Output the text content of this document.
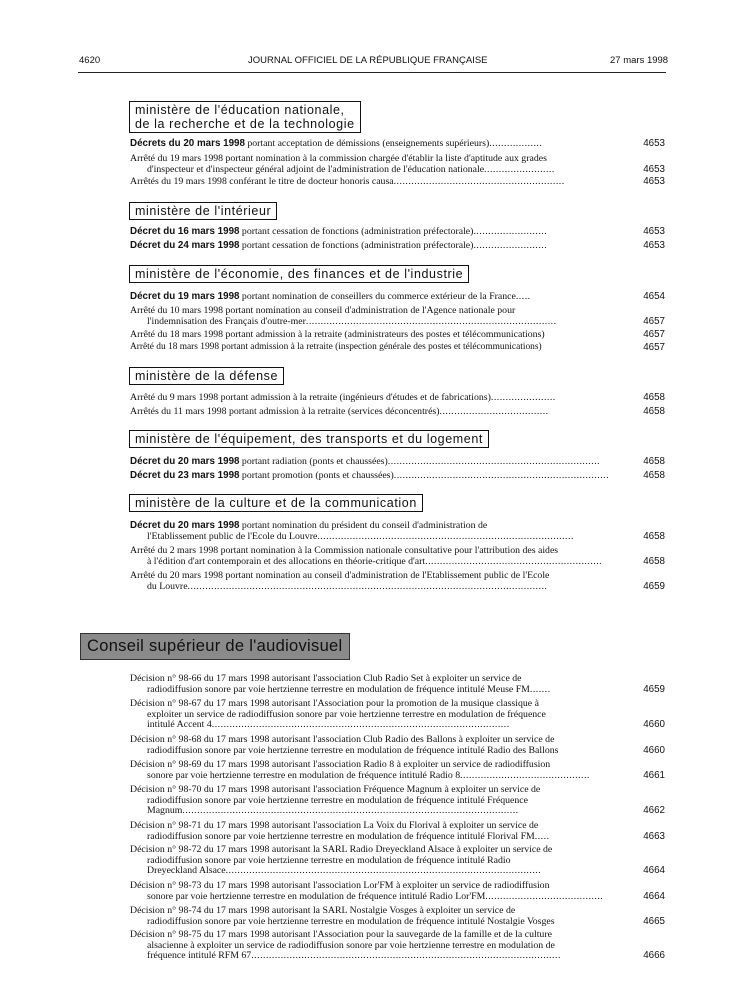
4620	JOURNAL OFFICIEL DE LA RÉPUBLIQUE FRANÇAISE	27 mars 1998
ministère de l'éducation nationale,
de la recherche et de la technologie
Décrets du 20 mars 1998 portant acceptation de démissions (enseignements supérieurs)..................	4653
Arrêté du 19 mars 1998 portant nomination à la commission chargée d'établir la liste d'aptitude aux grades
d'inspecteur et d'inspecteur général adjoint de l'administration de l'éducation nationale........................	4653
Arrêtés du 19 mars 1998 conférant le titre de docteur honoris causa..........................................................	4653
ministère de l'intérieur
Décret du 16 mars 1998 portant cessation de fonctions (administration préfectorale).........................	4653
Décret du 24 mars 1998 portant cessation de fonctions (administration préfectorale).........................	4653
ministère de l'économie, des finances et de l'industrie
Décret du 19 mars 1998 portant nomination de conseillers du commerce extérieur de la France.....	4654
Arrêté du 10 mars 1998 portant nomination au conseil d'administration de l'Agence nationale pour
l'indemnisation des Français d'outre-mer.....................................................................................	4657
Arrêté du 18 mars 1998 portant admission à la retraite (administrateurs des postes et télécommunications)	4657
Arrêté du 18 mars 1998 portant admission à la retraite (inspection générale des postes et télécommunications)	4657
ministère de la défense
Arrêté du 9 mars 1998 portant admission à la retraite (ingénieurs d'études et de fabrications)......................	4658
Arrêtés du 11 mars 1998 portant admission à la retraite (services déconcentrés).....................................	4658
ministère de l'équipement, des transports et du logement
Décret du 20 mars 1998 portant radiation (ponts et chaussées)........................................................................	4658
Décret du 23 mars 1998 portant promotion (ponts et chaussées).........................................................................	4658
ministère de la culture et de la communication
Décret du 20 mars 1998 portant nomination du président du conseil d'administration de
l'Etablissement public de l'Ecole du Louvre.......................................................................................	4658
Arrêté du 2 mars 1998 portant nomination à la Commission nationale consultative pour l'attribution des aides
à l'édition d'art contemporain et des allocations en théorie-critique d'art............................................................	4658
Arrêté du 20 mars 1998 portant nomination au conseil d'administration de l'Etablissement public de l'Ecole
du Louvre..........................................................................................................................	4659
Conseil supérieur de l'audiovisuel
Décision n° 98-66 du 17 mars 1998 autorisant l'association Club Radio Set à exploiter un service de
radiodiffusion sonore par voie hertzienne terrestre en modulation de fréquence intitulé Meuse FM.......	4659
Décision n° 98-67 du 17 mars 1998 autorisant l'Association pour la promotion de la musique classique à
exploiter un service de radiodiffusion sonore par voie hertzienne terrestre en modulation de fréquence
intitulé Accent 4.....................................................................................................	4660
Décision n° 98-68 du 17 mars 1998 autorisant l'association Club Radio des Ballons à exploiter un service de
radiodiffusion sonore par voie hertzienne terrestre en modulation de fréquence intitulé Radio des Ballons	4660
Décision n° 98-69 du 17 mars 1998 autorisant l'association Radio 8 à exploiter un service de radiodiffusion
sonore par voie hertzienne terrestre en modulation de fréquence intitulé Radio 8............................................	4661
Décision n° 98-70 du 17 mars 1998 autorisant l'association Fréquence Magnum à exploiter un service de
radiodiffusion sonore par voie hertzienne terrestre en modulation de fréquence intitulé Fréquence
Magnum..................................................................................................................	4662
Décision n° 98-71 du 17 mars 1998 autorisant l'association La Voix du Florival à exploiter un service de
radiodiffusion sonore par voie hertzienne terrestre en modulation de fréquence intitulé Florival FM.....	4663
Décision n° 98-72 du 17 mars 1998 autorisant la SARL Radio Dreyeckland Alsace à exploiter un service de
radiodiffusion sonore par voie hertzienne terrestre en modulation de fréquence intitulé Radio
Dreyeckland Alsace...........................................................................................................	4664
Décision n° 98-73 du 17 mars 1998 autorisant l'association Lor'FM à exploiter un service de radiodiffusion
sonore par voie hertzienne terrestre en modulation de fréquence intitulé Radio Lor'FM........................................	4664
Décision n° 98-74 du 17 mars 1998 autorisant la SARL Nostalgie Vosges à exploiter un service de
radiodiffusion sonore par voie hertzienne terrestre en modulation de fréquence intitulé Nostalgie Vosges	4665
Décision n° 98-75 du 17 mars 1998 autorisant l'Association pour la sauvegarde de la famille et de la culture
alsacienne à exploiter un service de radiodiffusion sonore par voie hertzienne terrestre en modulation de
fréquence intitulé RFM 67.........................................................................................................	4666
